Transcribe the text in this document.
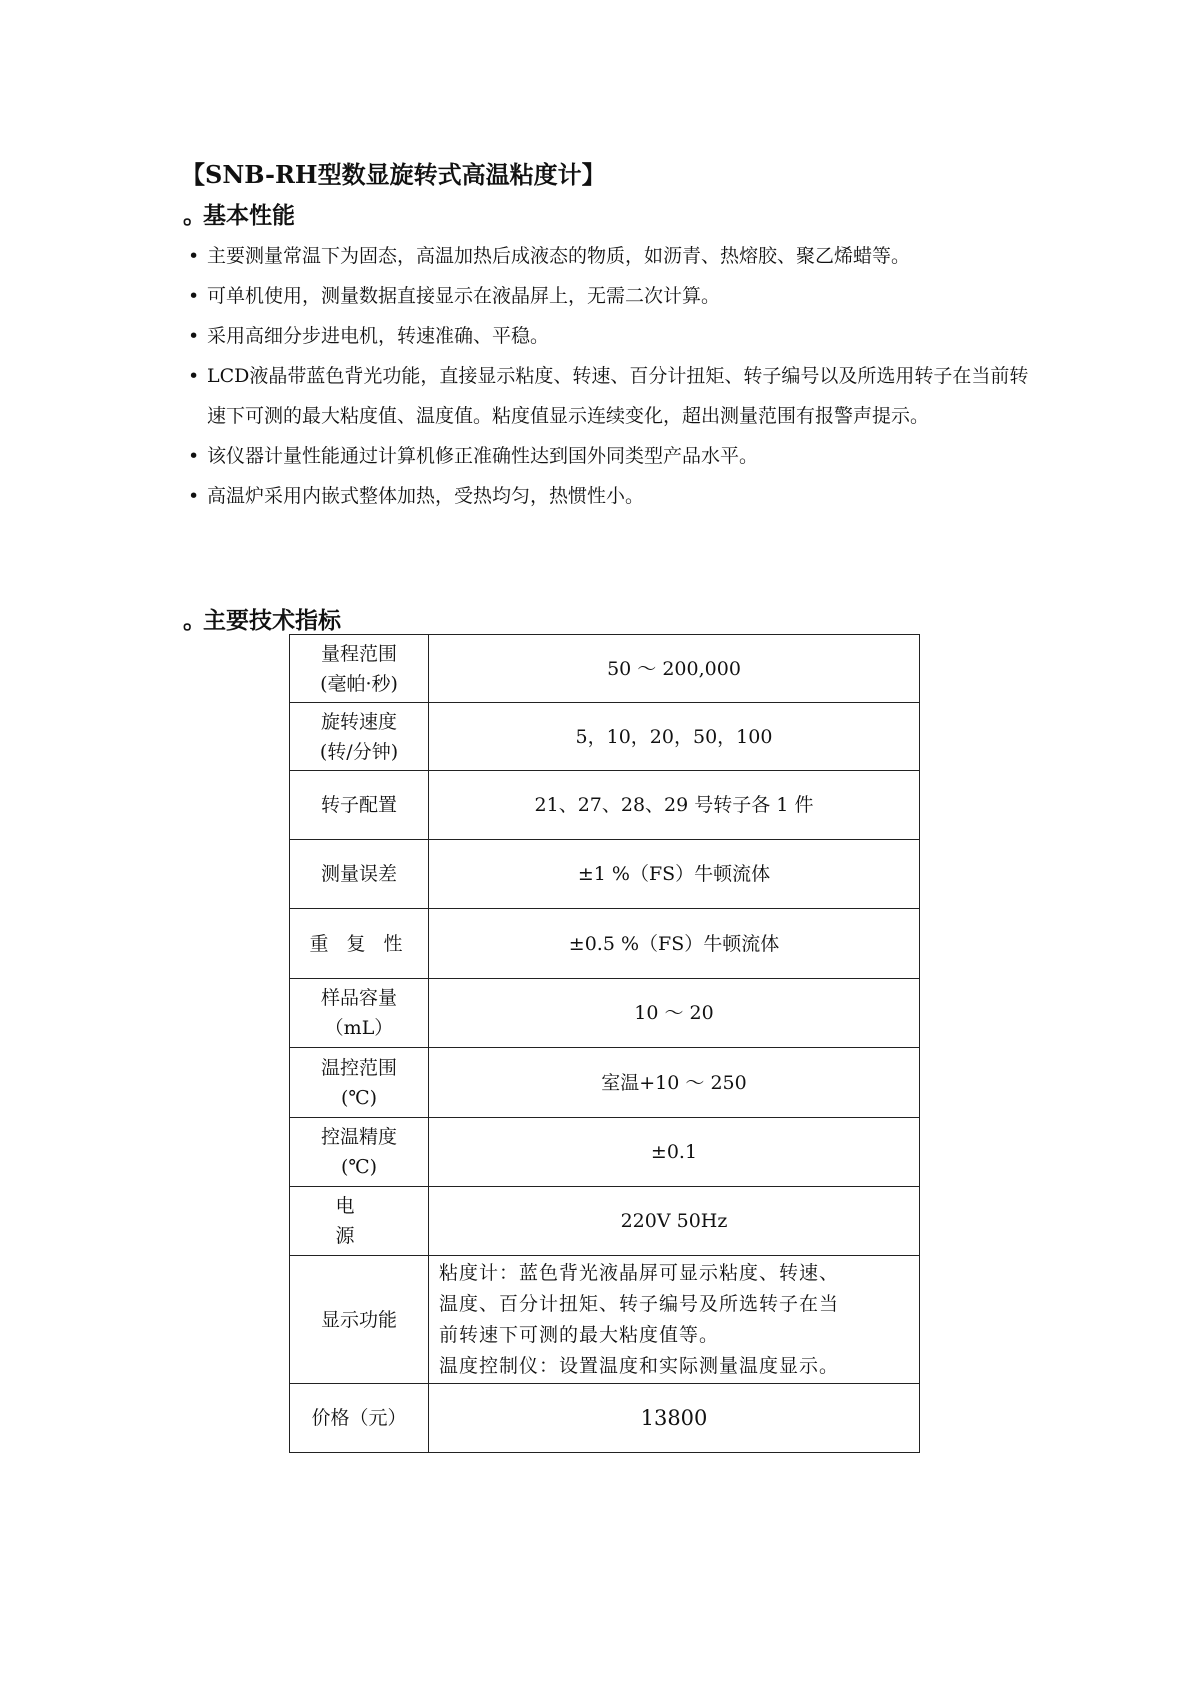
【SNB-RH型数显旋转式高温粘度计】
。基本性能
• 主要测量常温下为固态，高温加热后成液态的物质，如沥青、热熔胶、聚乙烯蜡等。
• 可单机使用，测量数据直接显示在液晶屏上，无需二次计算。
• 采用高细分步进电机，转速准确、平稳。
• LCD液晶带蓝色背光功能，直接显示粘度、转速、百分计扭矩、转子编号以及所选用转子在当前转速下可测的最大粘度值、温度值。粘度值显示连续变化，超出测量范围有报警声提示。
• 该仪器计量性能通过计算机修正准确性达到国外同类型产品水平。
• 高温炉采用内嵌式整体加热，受热均匀，热惯性小。
。主要技术指标
量程范围
(毫帕·秒)	50 ～ 200,000

旋转速度
(转/分钟)	5，10，20，50，100
转子配置	21、27、28、29 号转子各 1 件
测量误差	±1 %（FS）牛顿流体
重 复 性	±0.5 %（FS）牛顿流体

样品容量
（mL）	10 ～ 20

温控范围
(℃)	室温+10 ～ 250

控温精度
(℃)	±0.1
电　源	220V 50Hz
显示功能	粘度计：蓝色背光液晶屏可显示粘度、转速、
温度、百分计扭矩、转子编号及所选转子在当
前转速下可测的最大粘度值等。
温度控制仪：设置温度和实际测量温度显示。

价格（元）	13800
